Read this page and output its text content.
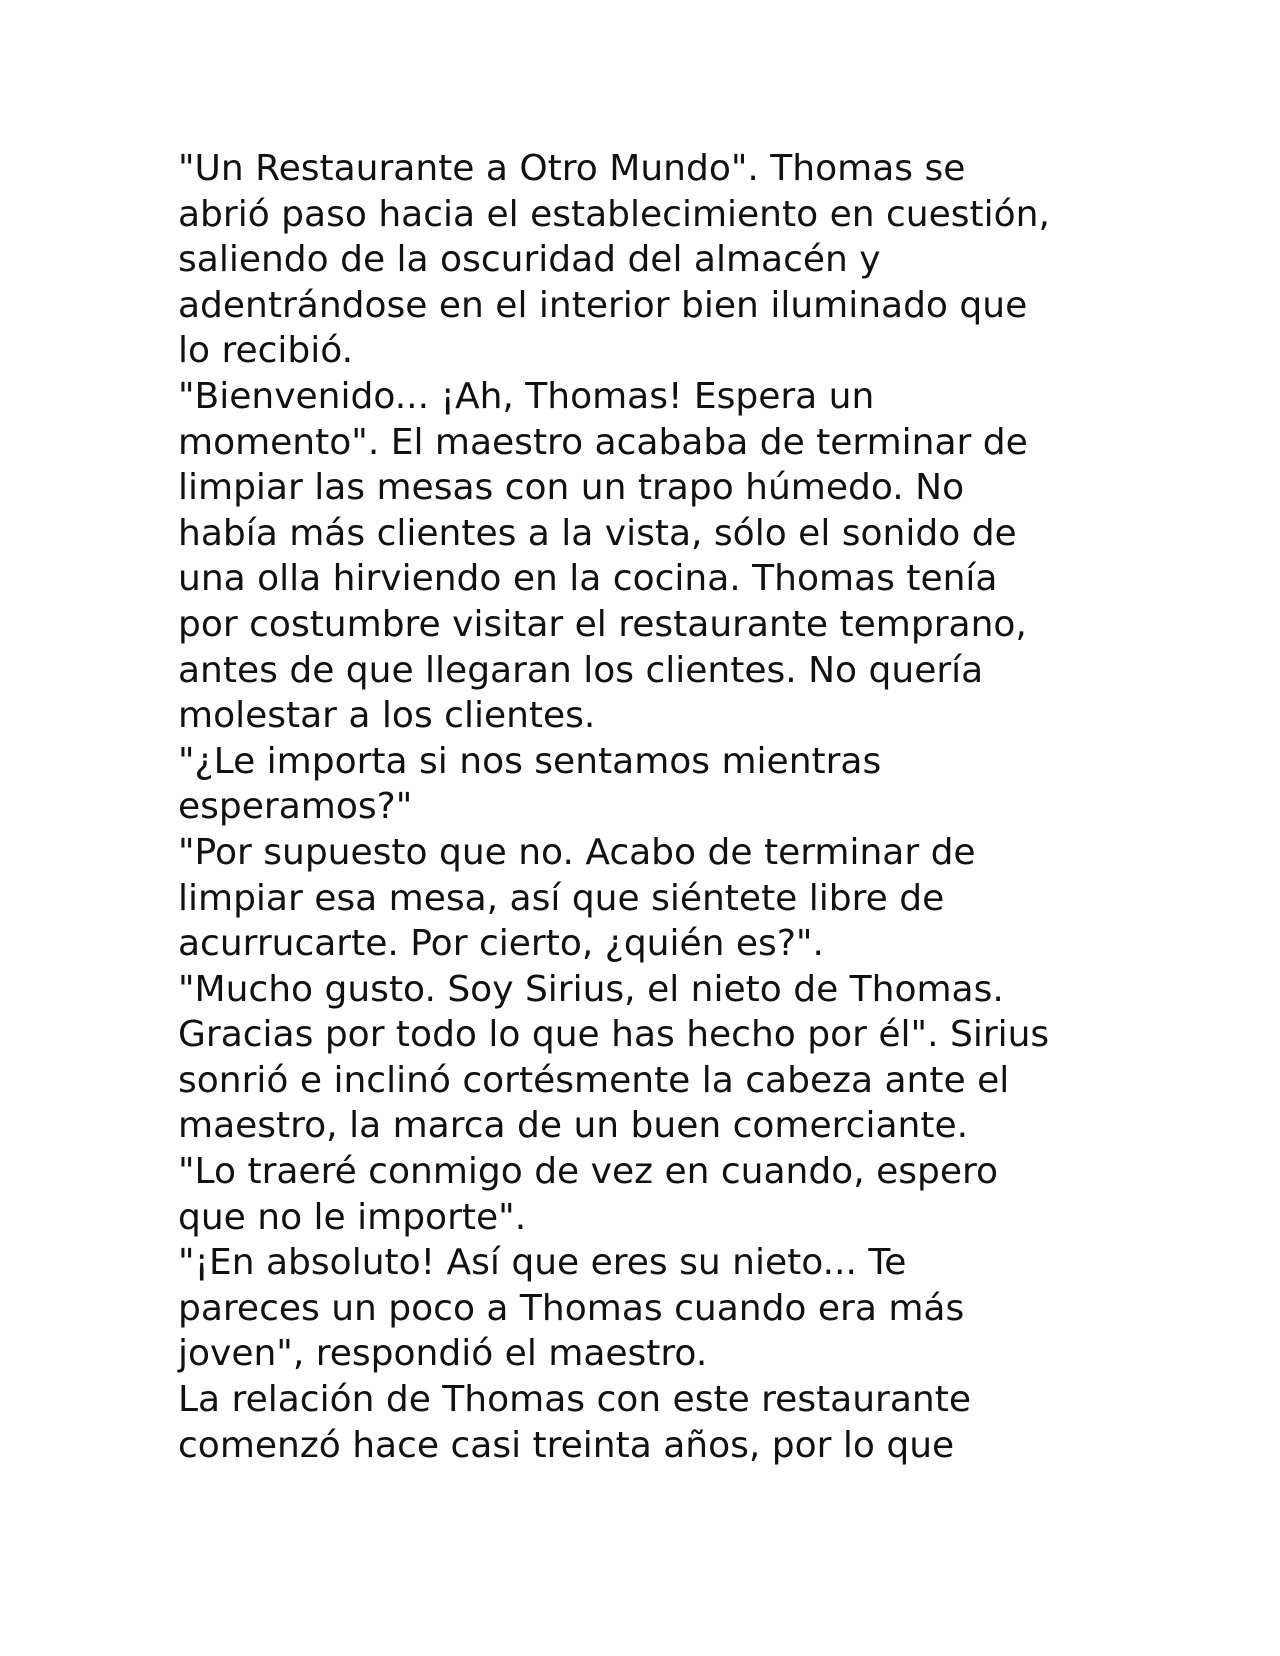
"Un Restaurante a Otro Mundo". Thomas se
abrió paso hacia el establecimiento en cuestión,
saliendo de la oscuridad del almacén y
adentrándose en el interior bien iluminado que
lo recibió.
"Bienvenido... ¡Ah, Thomas! Espera un
momento". El maestro acababa de terminar de
limpiar las mesas con un trapo húmedo. No
había más clientes a la vista, sólo el sonido de
una olla hirviendo en la cocina. Thomas tenía
por costumbre visitar el restaurante temprano,
antes de que llegaran los clientes. No quería
molestar a los clientes.
"¿Le importa si nos sentamos mientras
esperamos?"
"Por supuesto que no. Acabo de terminar de
limpiar esa mesa, así que siéntete libre de
acurrucarte. Por cierto, ¿quién es?".
"Mucho gusto. Soy Sirius, el nieto de Thomas.
Gracias por todo lo que has hecho por él". Sirius
sonrió e inclinó cortésmente la cabeza ante el
maestro, la marca de un buen comerciante.
"Lo traeré conmigo de vez en cuando, espero
que no le importe".
"¡En absoluto! Así que eres su nieto... Te
pareces un poco a Thomas cuando era más
joven", respondió el maestro.
La relación de Thomas con este restaurante
comenzó hace casi treinta años, por lo que
